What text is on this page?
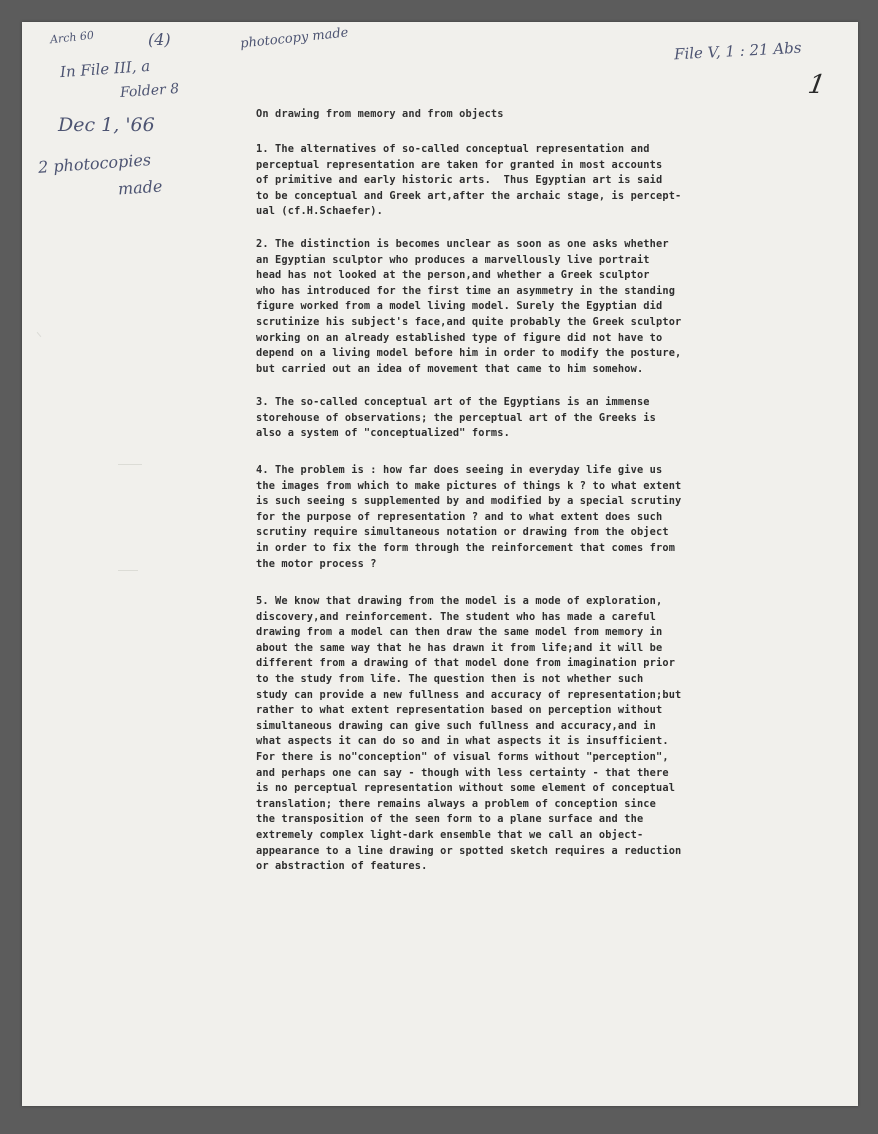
Arch 60	(4)	photocopy made	File V, 1 : 21 Abs
1
In File III, a
Folder 8
Dec 1, '66
2 photocopies
made
On drawing from memory and from objects
1. The alternatives of so-called conceptual representation and
perceptual representation are taken for granted in most accounts
of primitive and early historic arts.  Thus Egyptian art is said
to be conceptual and Greek art,after the archaic stage, is percept-
ual (cf.H.Schaefer).
2. The distinction is becomes unclear as soon as one asks whether
an Egyptian sculptor who produces a marvellously live portrait
head has not looked at the person,and whether a Greek sculptor
who has introduced for the first time an asymmetry in the standing
figure worked from a model living model. Surely the Egyptian did
scrutinize his subject's face,and quite probably the Greek sculptor
working on an already established type of figure did not have to
depend on a living model before him in order to modify the posture,
but carried out an idea of movement that came to him somehow.
3. The so-called conceptual art of the Egyptians is an immense
storehouse of observations; the perceptual art of the Greeks is
also a system of "conceptualized" forms.
4. The problem is : how far does seeing in everyday life give us
the images from which to make pictures of things k ? to what extent
is such seeing s supplemented by and modified by a special scrutiny
for the purpose of representation ? and to what extent does such
scrutiny require simultaneous notation or drawing from the object
in order to fix the form through the reinforcement that comes from
the motor process ?
5. We know that drawing from the model is a mode of exploration,
discovery,and reinforcement. The student who has made a careful
drawing from a model can then draw the same model from memory in
about the same way that he has drawn it from life;and it will be
different from a drawing of that model done from imagination prior
to the study from life. The question then is not whether such
study can provide a new fullness and accuracy of representation;but
rather to what extent representation based on perception without
simultaneous drawing can give such fullness and accuracy,and in
what aspects it can do so and in what aspects it is insufficient.
For there is no"conception" of visual forms without "perception",
and perhaps one can say - though with less certainty - that there
is no perceptual representation without some element of conceptual
translation; there remains always a problem of conception since
the transposition of the seen form to a plane surface and the
extremely complex light-dark ensemble that we call an object-
appearance to a line drawing or spotted sketch requires a reduction
or abstraction of features.
